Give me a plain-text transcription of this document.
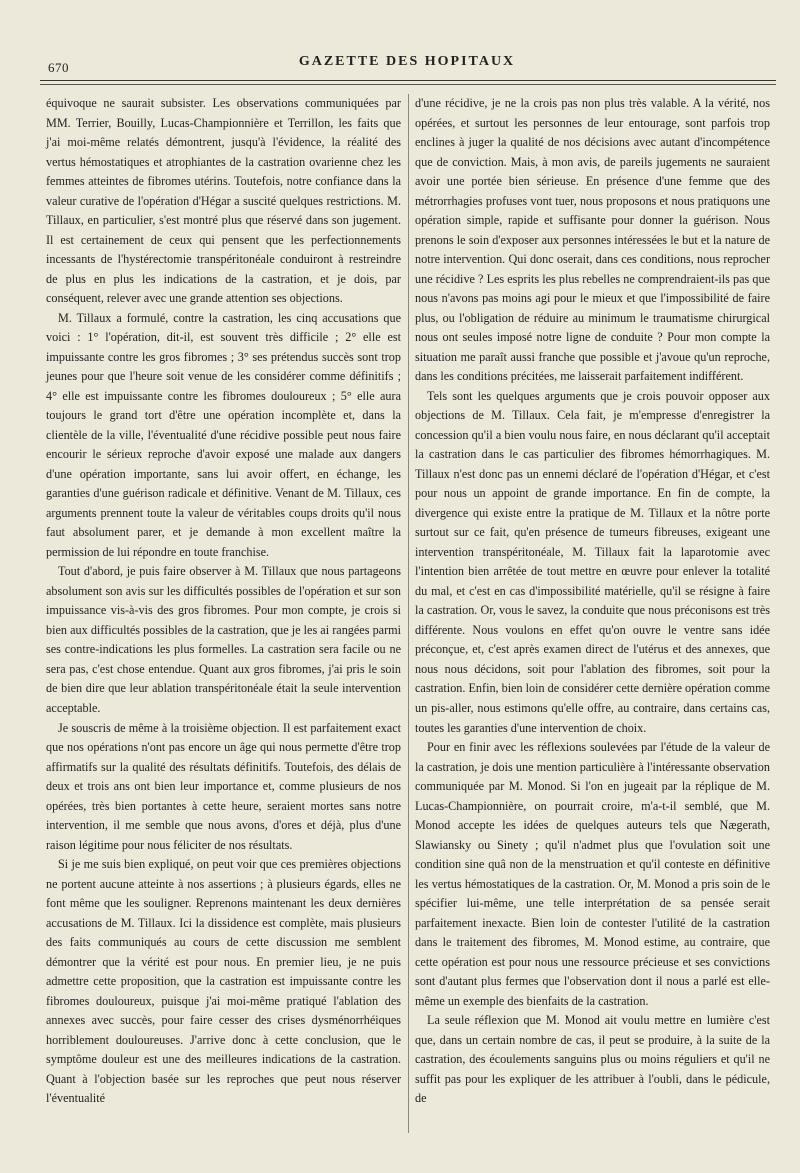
670	GAZETTE DES HOPITAUX

équivoque ne saurait subsister. Les observations communiquées par MM. Terrier, Bouilly, Lucas-Championnière et Terrillon, les faits que j'ai moi-même relatés démontrent, jusqu'à l'évidence, la réalité des vertus hémostatiques et atrophiantes de la castration ovarienne chez les femmes atteintes de fibromes utérins. Toutefois, notre confiance dans la valeur curative de l'opération d'Hégar a suscité quelques restrictions. M. Tillaux, en particulier, s'est montré plus que réservé dans son jugement. Il est certainement de ceux qui pensent que les perfectionnements incessants de l'hystérectomie transpéritonéale conduiront à restreindre de plus en plus les indications de la castration, et je dois, par conséquent, relever avec une grande attention ses objections.

M. Tillaux a formulé, contre la castration, les cinq accusations que voici : 1° l'opération, dit-il, est souvent très difficile ; 2° elle est impuissante contre les gros fibromes ; 3° ses prétendus succès sont trop jeunes pour que l'heure soit venue de les considérer comme définitifs ; 4° elle est impuissante contre les fibromes douloureux ; 5° elle aura toujours le grand tort d'être une opération incomplète et, dans la clientèle de la ville, l'éventualité d'une récidive possible peut nous faire encourir le sérieux reproche d'avoir exposé une malade aux dangers d'une opération importante, sans lui avoir offert, en échange, les garanties d'une guérison radicale et définitive. Venant de M. Tillaux, ces arguments prennent toute la valeur de véritables coups droits qu'il nous faut absolument parer, et je demande à mon excellent maître la permission de lui répondre en toute franchise.

Tout d'abord, je puis faire observer à M. Tillaux que nous partageons absolument son avis sur les difficultés possibles de l'opération et sur son impuissance vis-à-vis des gros fibromes. Pour mon compte, je crois si bien aux difficultés possibles de la castration, que je les ai rangées parmi ses contre-indications les plus formelles. La castration sera facile ou ne sera pas, c'est chose entendue. Quant aux gros fibromes, j'ai pris le soin de bien dire que leur ablation transpéritonéale était la seule intervention acceptable.

Je souscris de même à la troisième objection. Il est parfaitement exact que nos opérations n'ont pas encore un âge qui nous permette d'être trop affirmatifs sur la qualité des résultats définitifs. Toutefois, des délais de deux et trois ans ont bien leur importance et, comme plusieurs de nos opérées, très bien portantes à cette heure, seraient mortes sans notre intervention, il me semble que nous avons, d'ores et déjà, plus d'une raison légitime pour nous féliciter de nos résultats.

Si je me suis bien expliqué, on peut voir que ces premières objections ne portent aucune atteinte à nos assertions ; à plusieurs égards, elles ne font même que les souligner. Reprenons maintenant les deux dernières accusations de M. Tillaux. Ici la dissidence est complète, mais plusieurs des faits communiqués au cours de cette discussion me semblent démontrer que la vérité est pour nous. En premier lieu, je ne puis admettre cette proposition, que la castration est impuissante contre les fibromes douloureux, puisque j'ai moi-même pratiqué l'ablation des annexes avec succès, pour faire cesser des crises dysménorrhéiques horriblement douloureuses. J'arrive donc à cette conclusion, que le symptôme douleur est une des meilleures indications de la castration. Quant à l'objection basée sur les reproches que peut nous réserver l'éventualité

d'une récidive, je ne la crois pas non plus très valable. A la vérité, nos opérées, et surtout les personnes de leur entourage, sont parfois trop enclines à juger la qualité de nos décisions avec autant d'incompétence que de conviction. Mais, à mon avis, de pareils jugements ne sauraient avoir une portée bien sérieuse. En présence d'une femme que des métrorrhagies profuses vont tuer, nous proposons et nous pratiquons une opération simple, rapide et suffisante pour donner la guérison. Nous prenons le soin d'exposer aux personnes intéressées le but et la nature de notre intervention. Qui donc oserait, dans ces conditions, nous reprocher une récidive ? Les esprits les plus rebelles ne comprendraient-ils pas que nous n'avons pas moins agi pour le mieux et que l'impossibilité de faire plus, ou l'obligation de réduire au minimum le traumatisme chirurgical nous ont seules imposé notre ligne de conduite ? Pour mon compte la situation me paraît aussi franche que possible et j'avoue qu'un reproche, dans les conditions précitées, me laisserait parfaitement indifférent.

Tels sont les quelques arguments que je crois pouvoir opposer aux objections de M. Tillaux. Cela fait, je m'empresse d'enregistrer la concession qu'il a bien voulu nous faire, en nous déclarant qu'il acceptait la castration dans le cas particulier des fibromes hémorrhagiques. M. Tillaux n'est donc pas un ennemi déclaré de l'opération d'Hégar, et c'est pour nous un appoint de grande importance. En fin de compte, la divergence qui existe entre la pratique de M. Tillaux et la nôtre porte surtout sur ce fait, qu'en présence de tumeurs fibreuses, exigeant une intervention transpéritonéale, M. Tillaux fait la laparotomie avec l'intention bien arrêtée de tout mettre en œuvre pour enlever la totalité du mal, et c'est en cas d'impossibilité matérielle, qu'il se résigne à faire la castration. Or, vous le savez, la conduite que nous préconisons est très différente. Nous voulons en effet qu'on ouvre le ventre sans idée préconçue, et, c'est après examen direct de l'utérus et des annexes, que nous nous décidons, soit pour l'ablation des fibromes, soit pour la castration. Enfin, bien loin de considérer cette dernière opération comme un pis-aller, nous estimons qu'elle offre, au contraire, dans certains cas, toutes les garanties d'une intervention de choix.

Pour en finir avec les réflexions soulevées par l'étude de la valeur de la castration, je dois une mention particulière à l'intéressante observation communiquée par M. Monod. Si l'on en jugeait par la réplique de M. Lucas-Championnière, on pourrait croire, m'a-t-il semblé, que M. Monod accepte les idées de quelques auteurs tels que Nægerath, Slawiansky ou Sinety ; qu'il n'admet plus que l'ovulation soit une condition sine quâ non de la menstruation et qu'il conteste en définitive les vertus hémostatiques de la castration. Or, M. Monod a pris soin de le spécifier lui-même, une telle interprétation de sa pensée serait parfaitement inexacte. Bien loin de contester l'utilité de la castration dans le traitement des fibromes, M. Monod estime, au contraire, que cette opération est pour nous une ressource précieuse et ses convictions sont d'autant plus fermes que l'observation dont il nous a parlé est elle-même un exemple des bienfaits de la castration.

La seule réflexion que M. Monod ait voulu mettre en lumière c'est que, dans un certain nombre de cas, il peut se produire, à la suite de la castration, des écoulements sanguins plus ou moins réguliers et qu'il ne suffit pas pour les expliquer de les attribuer à l'oubli, dans le pédicule, de
